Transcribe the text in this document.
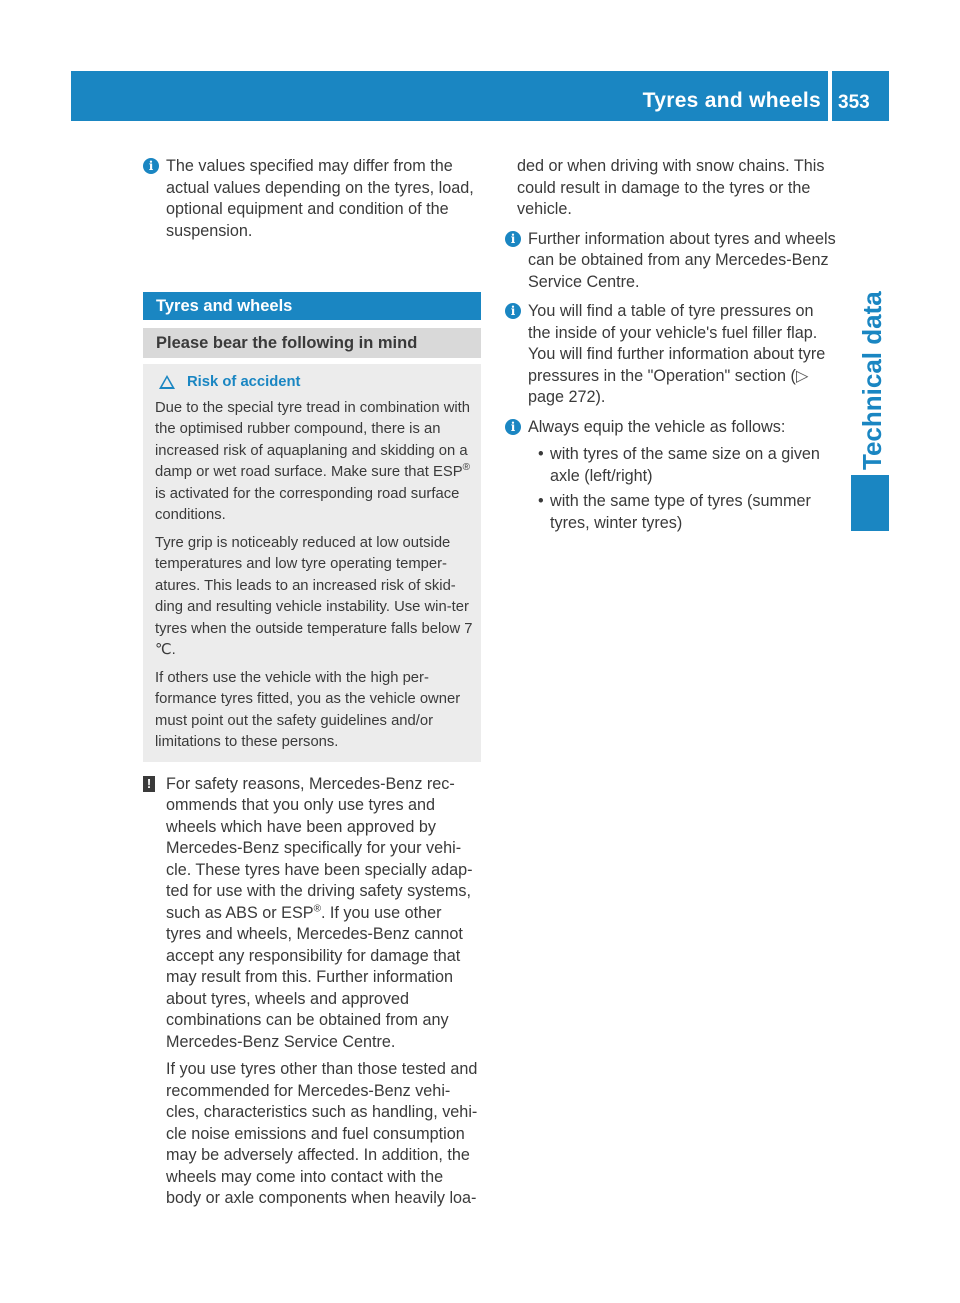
Tyres and wheels 353
Technical data
i The values specified may differ from the actual values depending on the tyres, load, optional equipment and condition of the suspension.

Tyres and wheels
Please bear the following in mind
Risk of accident

Due to the special tyre tread in combination with the optimised rubber compound, there is an increased risk of aquaplaning and skidding on a damp or wet road surface. Make sure that ESP® is activated for the corresponding road surface conditions.

Tyre grip is noticeably reduced at low outside temperatures and low tyre operating temper-atures. This leads to an increased risk of skid-ding and resulting vehicle instability. Use win-ter tyres when the outside temperature falls below 7 ℃.

If others use the vehicle with the high per-formance tyres fitted, you as the vehicle owner must point out the safety guidelines and/or limitations to these persons.

! For safety reasons, Mercedes-Benz rec-ommends that you only use tyres and wheels which have been approved by Mercedes-Benz specifically for your vehi-cle. These tyres have been specially adap-ted for use with the driving safety systems, such as ABS or ESP®. If you use other tyres and wheels, Mercedes-Benz cannot accept any responsibility for damage that may result from this. Further information about tyres, wheels and approved combinations can be obtained from any Mercedes-Benz Service Centre.

If you use tyres other than those tested and recommended for Mercedes-Benz vehi-cles, characteristics such as handling, vehi-cle noise emissions and fuel consumption may be adversely affected. In addition, the wheels may come into contact with the body or axle components when heavily loa-

ded or when driving with snow chains. This could result in damage to the tyres or the vehicle.

i Further information about tyres and wheels can be obtained from any Mercedes-Benz Service Centre.

i You will find a table of tyre pressures on the inside of your vehicle's fuel filler flap. You will find further information about tyre pressures in the "Operation" section (▷ page 272).

i Always equip the vehicle as follows:

• with tyres of the same size on a given axle (left/right)
• with the same type of tyres (summer tyres, winter tyres)
